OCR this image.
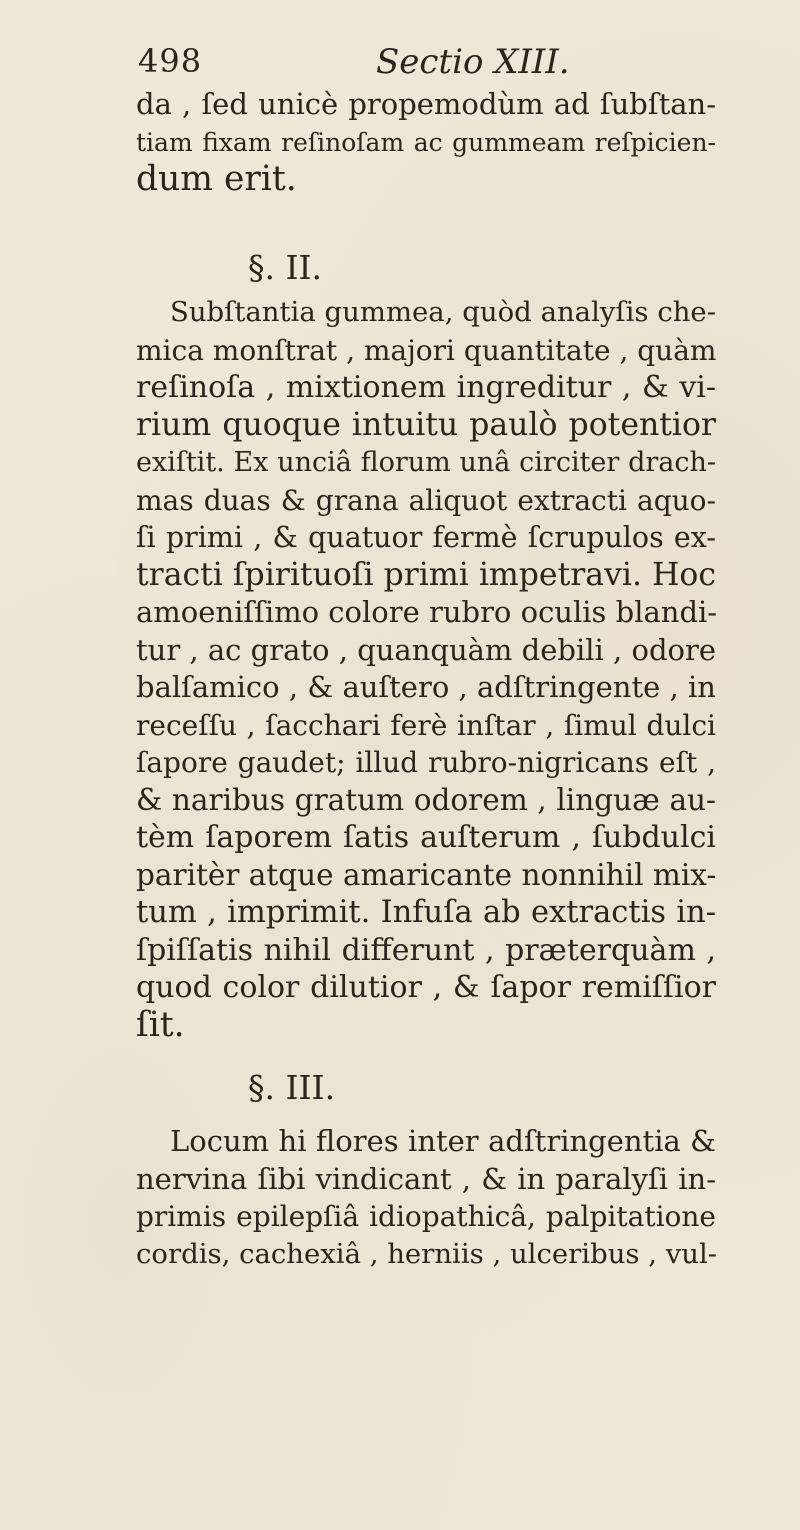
498	Sectio XIII.
da , ſed unicè propemodùm ad ſubſtan-
tiam fixam reſinoſam ac gummeam reſpicien-
dum erit.
§. II.
Subſtantia gummea, quòd analyſis che-
mica monſtrat , majori quantitate , quàm
reſinoſa , mixtionem ingreditur , & vi-
rium quoque intuitu paulò potentior
exiſtit. Ex unciâ florum unâ circiter drach-
mas duas & grana aliquot extracti aquo-
ſi primi , & quatuor fermè ſcrupulos ex-
tracti ſpirituoſi primi impetravi. Hoc
amoeniſſimo colore rubro oculis blandi-
tur , ac grato , quanquàm debili , odore
balſamico , & auſtero , adſtringente , in
receſſu , ſacchari ferè inſtar , ſimul dulci
ſapore gaudet; illud rubro-nigricans eſt ,
& naribus gratum odorem , linguæ au-
tèm ſaporem ſatis auſterum , ſubdulci
paritèr atque amaricante nonnihil mix-
tum , imprimit. Infuſa ab extractis in-
ſpiſſatis nihil differunt , præterquàm ,
quod color dilutior , & ſapor remiſſior
ſit.
§. III.
Locum hi flores inter adſtringentia &
nervina ſibi vindicant , & in paralyſi in-
primis epilepſiâ idiopathicâ, palpitatione
cordis, cachexiâ , herniis , ulceribus , vul-
